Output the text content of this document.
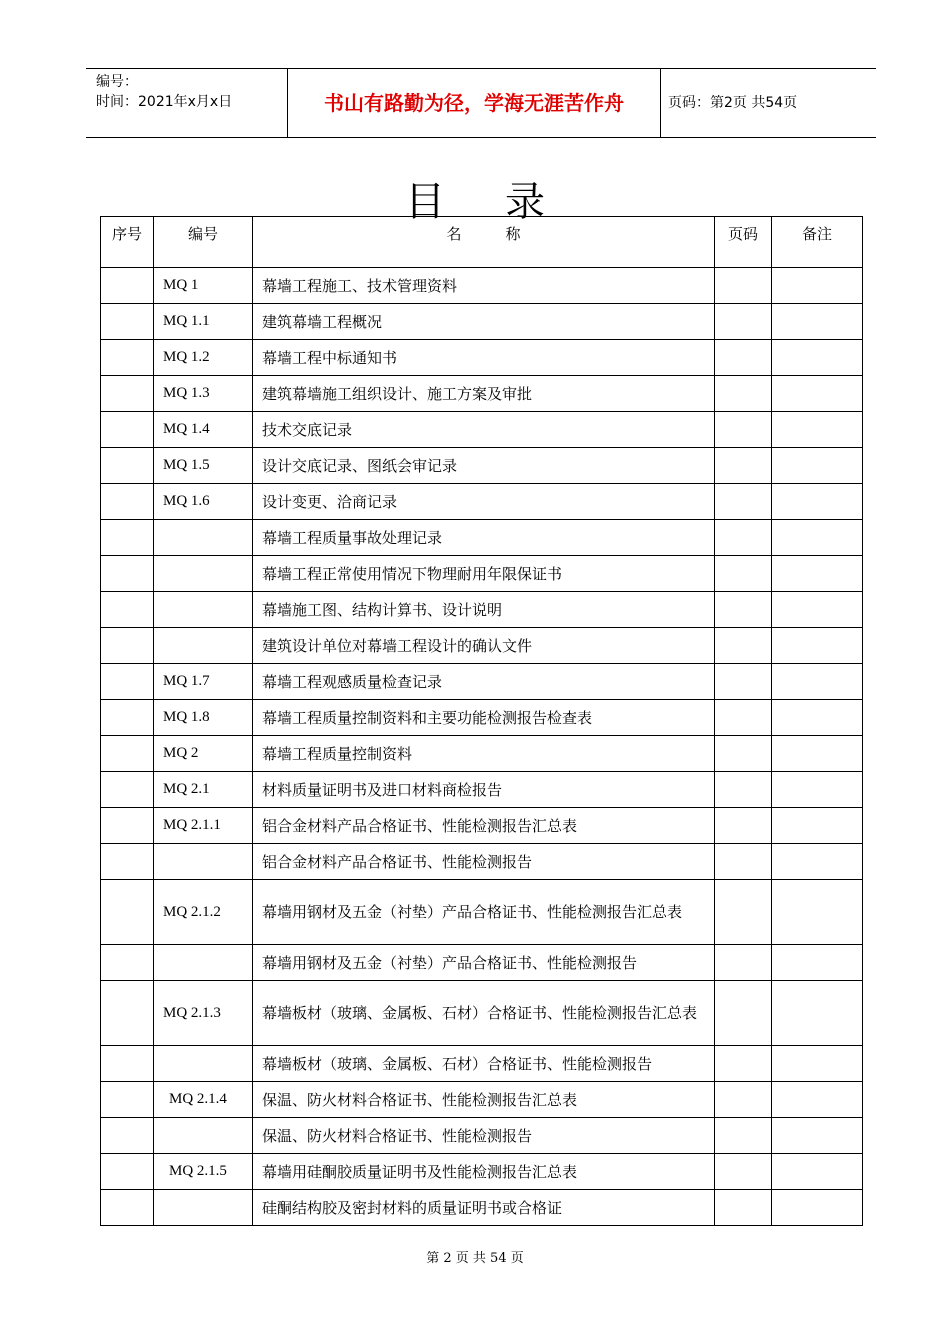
编号：
时间：2021年x月x日	书山有路勤为径，学海无涯苦作舟	页码：第2页 共54页
目录
序号	编号	名称	页码	备注
	MQ 1	幕墙工程施工、技术管理资料		
	MQ 1.1	建筑幕墙工程概况		
	MQ 1.2	幕墙工程中标通知书		
	MQ 1.3	建筑幕墙施工组织设计、施工方案及审批		
	MQ 1.4	技术交底记录		
	MQ 1.5	设计交底记录、图纸会审记录		
	MQ 1.6	设计变更、洽商记录		
		幕墙工程质量事故处理记录		
		幕墙工程正常使用情况下物理耐用年限保证书		
		幕墙施工图、结构计算书、设计说明		
		建筑设计单位对幕墙工程设计的确认文件		
	MQ 1.7	幕墙工程观感质量检查记录		
	MQ 1.8	幕墙工程质量控制资料和主要功能检测报告检查表		
	MQ 2	幕墙工程质量控制资料		
	MQ 2.1	材料质量证明书及进口材料商检报告		
	MQ 2.1.1	铝合金材料产品合格证书、性能检测报告汇总表		
		铝合金材料产品合格证书、性能检测报告		
	MQ 2.1.2	幕墙用钢材及五金（衬垫）产品合格证书、性能检测报告汇总表		
		幕墙用钢材及五金（衬垫）产品合格证书、性能检测报告		
	MQ 2.1.3	幕墙板材（玻璃、金属板、石材）合格证书、性能检测报告汇总表		
		幕墙板材（玻璃、金属板、石材）合格证书、性能检测报告		
	MQ 2.1.4	保温、防火材料合格证书、性能检测报告汇总表		
		保温、防火材料合格证书、性能检测报告		
	MQ 2.1.5	幕墙用硅酮胶质量证明书及性能检测报告汇总表		
		硅酮结构胶及密封材料的质量证明书或合格证		
第 2 页 共 54 页
